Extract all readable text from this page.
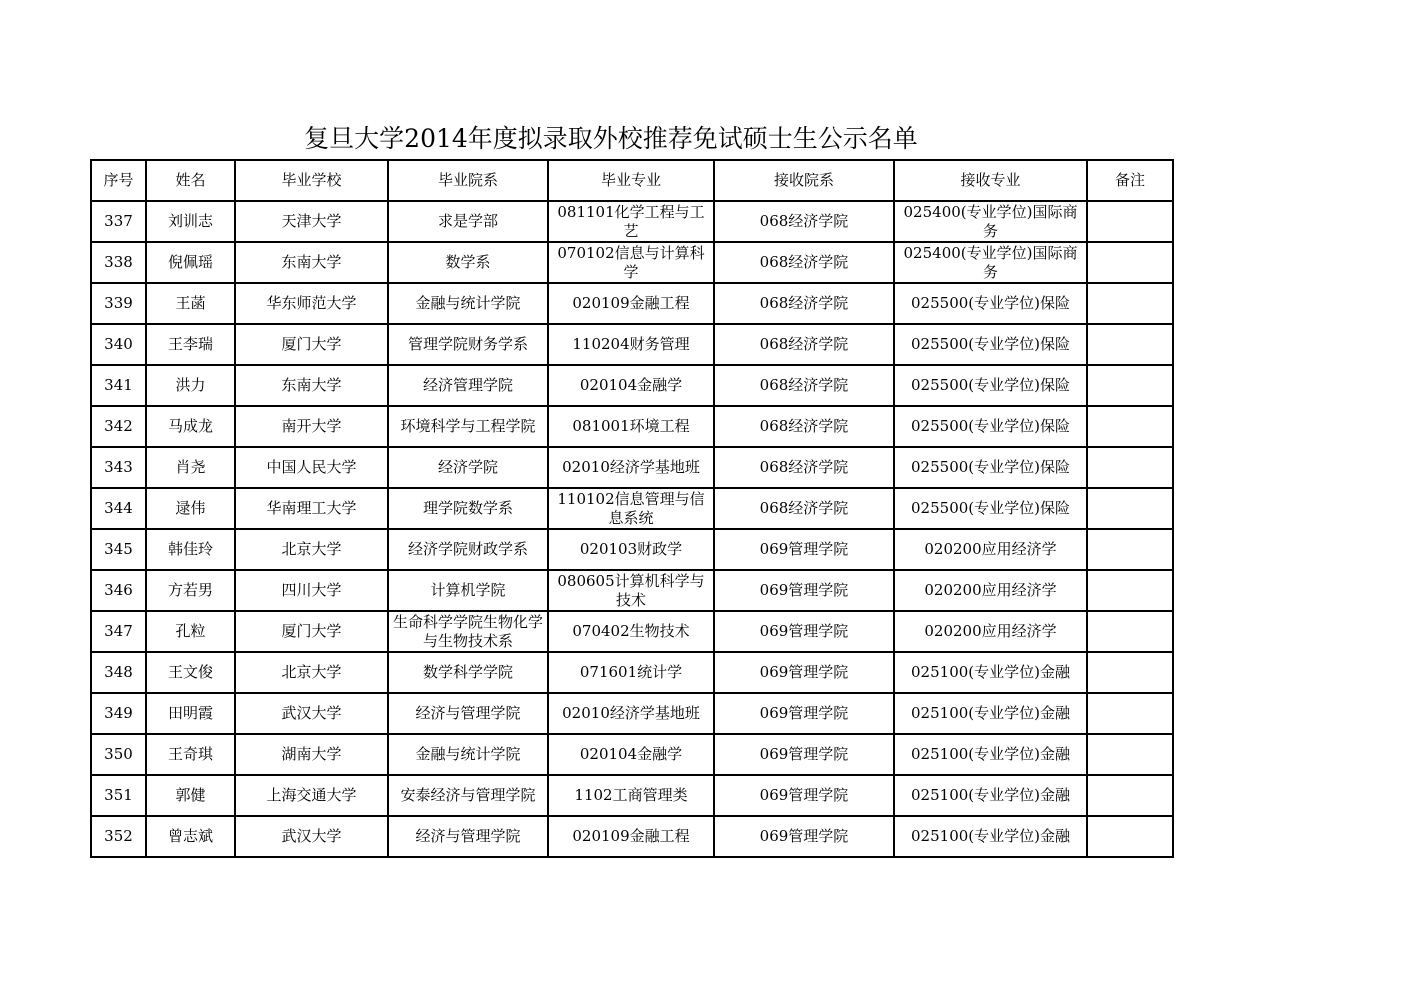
复旦大学2014年度拟录取外校推荐免试硕士生公示名单
序号	姓名	毕业学校	毕业院系	毕业专业	接收院系	接收专业	备注
337	刘训志	天津大学	求是学部	081101化学工程与工艺	068经济学院	025400(专业学位)国际商务	
338	倪佩瑶	东南大学	数学系	070102信息与计算科学	068经济学院	025400(专业学位)国际商务	
339	王菡	华东师范大学	金融与统计学院	020109金融工程	068经济学院	025500(专业学位)保险	
340	王李瑞	厦门大学	管理学院财务学系	110204财务管理	068经济学院	025500(专业学位)保险	
341	洪力	东南大学	经济管理学院	020104金融学	068经济学院	025500(专业学位)保险	
342	马成龙	南开大学	环境科学与工程学院	081001环境工程	068经济学院	025500(专业学位)保险	
343	肖尧	中国人民大学	经济学院	02010经济学基地班	068经济学院	025500(专业学位)保险	
344	逯伟	华南理工大学	理学院数学系	110102信息管理与信息系统	068经济学院	025500(专业学位)保险	
345	韩佳玲	北京大学	经济学院财政学系	020103财政学	069管理学院	020200应用经济学	
346	方若男	四川大学	计算机学院	080605计算机科学与技术	069管理学院	020200应用经济学	
347	孔粒	厦门大学	生命科学学院生物化学与生物技术系	070402生物技术	069管理学院	020200应用经济学	
348	王文俊	北京大学	数学科学学院	071601统计学	069管理学院	025100(专业学位)金融	
349	田明霞	武汉大学	经济与管理学院	02010经济学基地班	069管理学院	025100(专业学位)金融	
350	王奇琪	湖南大学	金融与统计学院	020104金融学	069管理学院	025100(专业学位)金融	
351	郭健	上海交通大学	安泰经济与管理学院	1102工商管理类	069管理学院	025100(专业学位)金融	
352	曾志斌	武汉大学	经济与管理学院	020109金融工程	069管理学院	025100(专业学位)金融	
